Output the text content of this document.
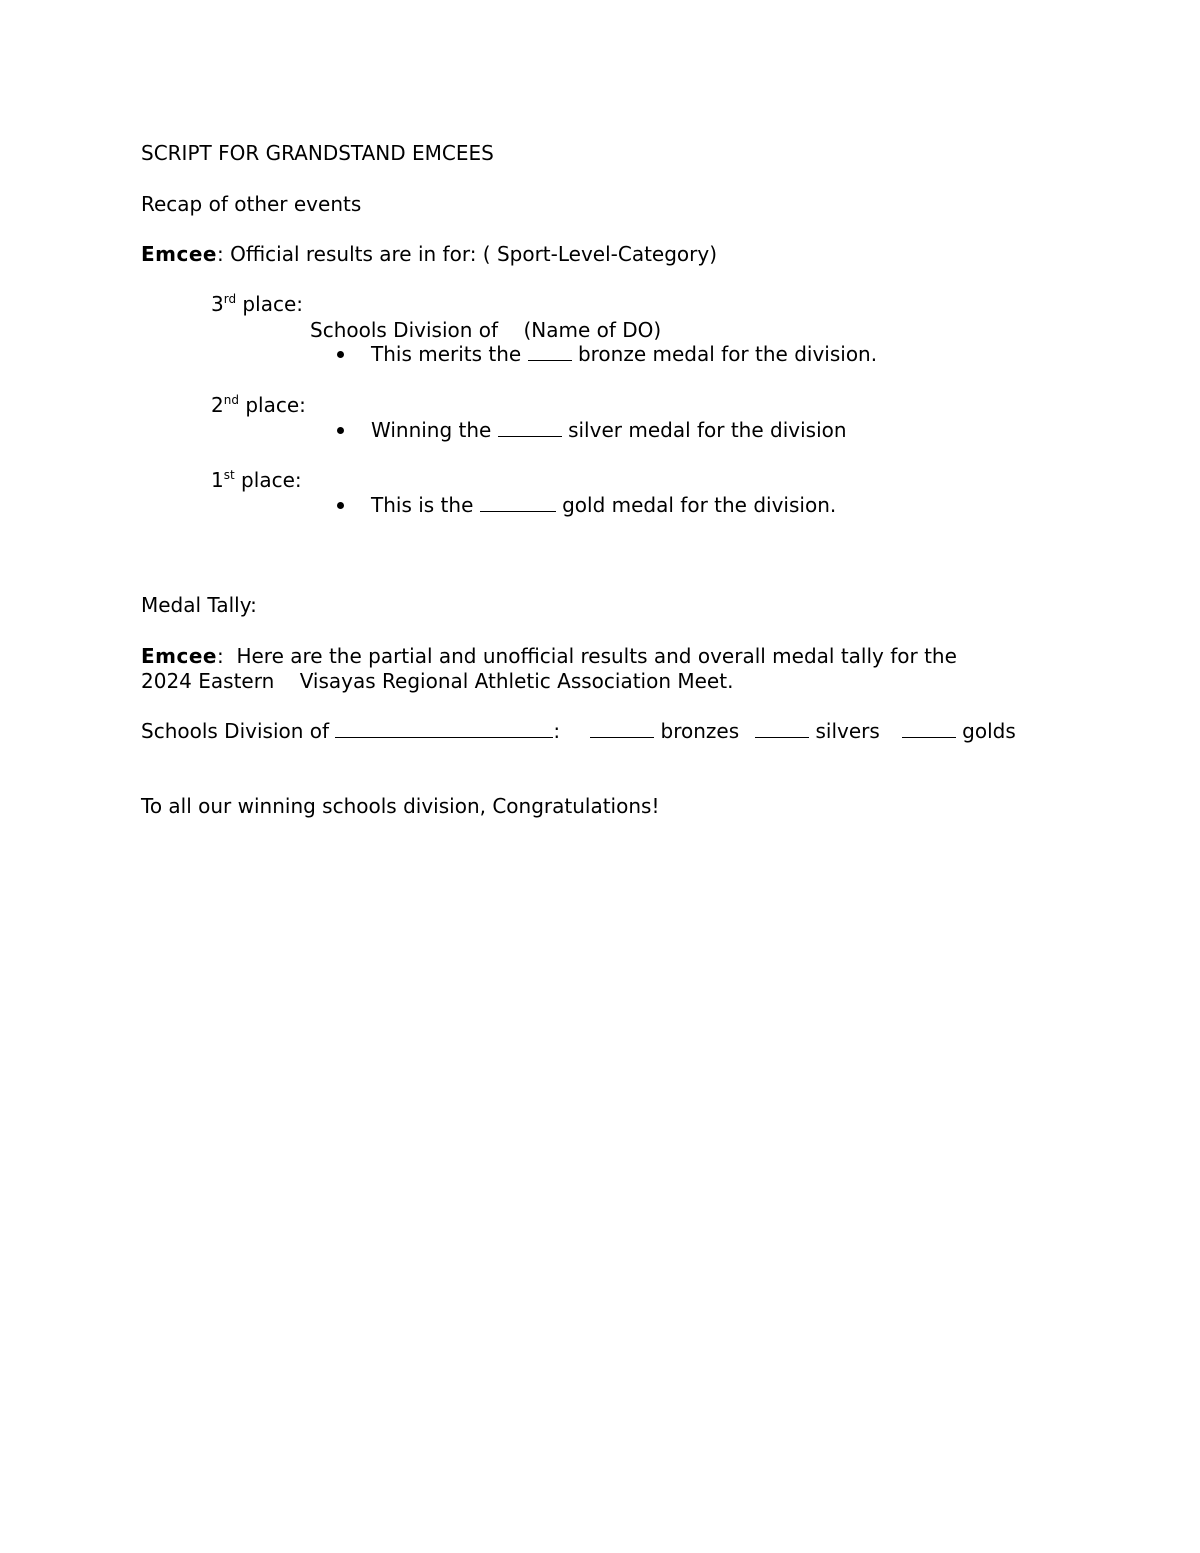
SCRIPT FOR GRANDSTAND EMCEES
Recap of other events
Emcee: Official results are in for: ( Sport-Level-Category)
3rd place:
Schools Division of    (Name of DO)
This merits the  bronze medal for the division.
2nd place:
Winning the	silver medal for the division
1st place:
This is the	gold medal for the division.
Medal Tally:
Emcee:  Here are the partial and unofficial results and overall medal tally for the
2024 Eastern    Visayas Regional Athletic Association Meet.
Schools Division of	:	bronzes	silvers	golds
To all our winning schools division, Congratulations!
